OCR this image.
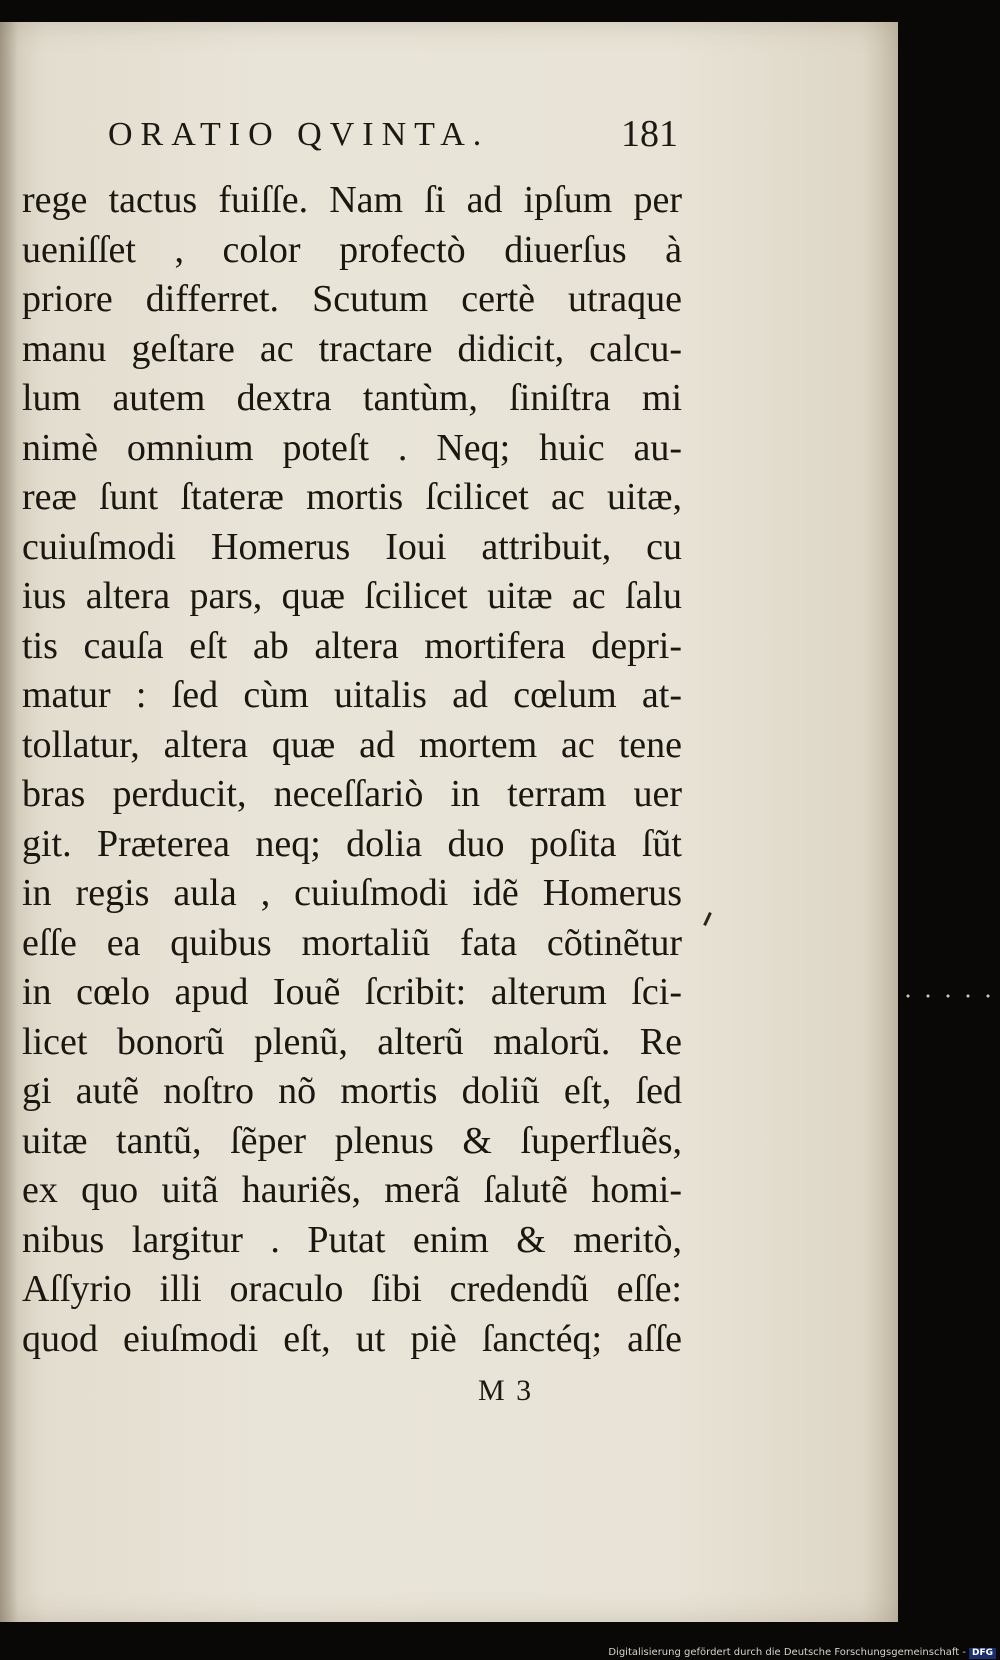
ORATIO QVINTA.	181
rege tactus fuiſſe. Nam ſi ad ipſum per
ueniſſet , color profectò diuerſus à
priore differret. Scutum certè utraque
manu geſtare ac tractare didicit, calcu-
lum autem dextra tantùm, ſiniſtra mi
nimè omnium poteſt . Neq; huic au-
reæ ſunt ſtateræ mortis ſcilicet ac uitæ,
cuiuſmodi Homerus Ioui attribuit, cu
ius altera pars, quæ ſcilicet uitæ ac ſalu
tis cauſa eſt ab altera mortifera depri-
matur : ſed cùm uitalis ad cœlum at-
tollatur, altera quæ ad mortem ac tene
bras perducit, neceſſariò in terram uer
git. Præterea neq; dolia duo poſita ſũt
in regis aula , cuiuſmodi idẽ Homerus
eſſe ea quibus mortaliũ fata cõtinẽtur
in cœlo apud Iouẽ ſcribit: alterum ſci-
licet bonorũ plenũ, alterũ malorũ. Re
gi autẽ noſtro nõ mortis doliũ eſt, ſed
uitæ tantũ, ſẽper plenus & ſuperfluẽs,
ex quo uitã hauriẽs, merã ſalutẽ homi-
nibus largitur . Putat enim & meritò,
Aſſyrio illi oraculo ſibi credendũ eſſe:
quod eiuſmodi eſt, ut piè ſanctéq; aſſe
M 3
Digitalisierung gefördert durch die Deutsche Forschungsgemeinschaft - DFG
